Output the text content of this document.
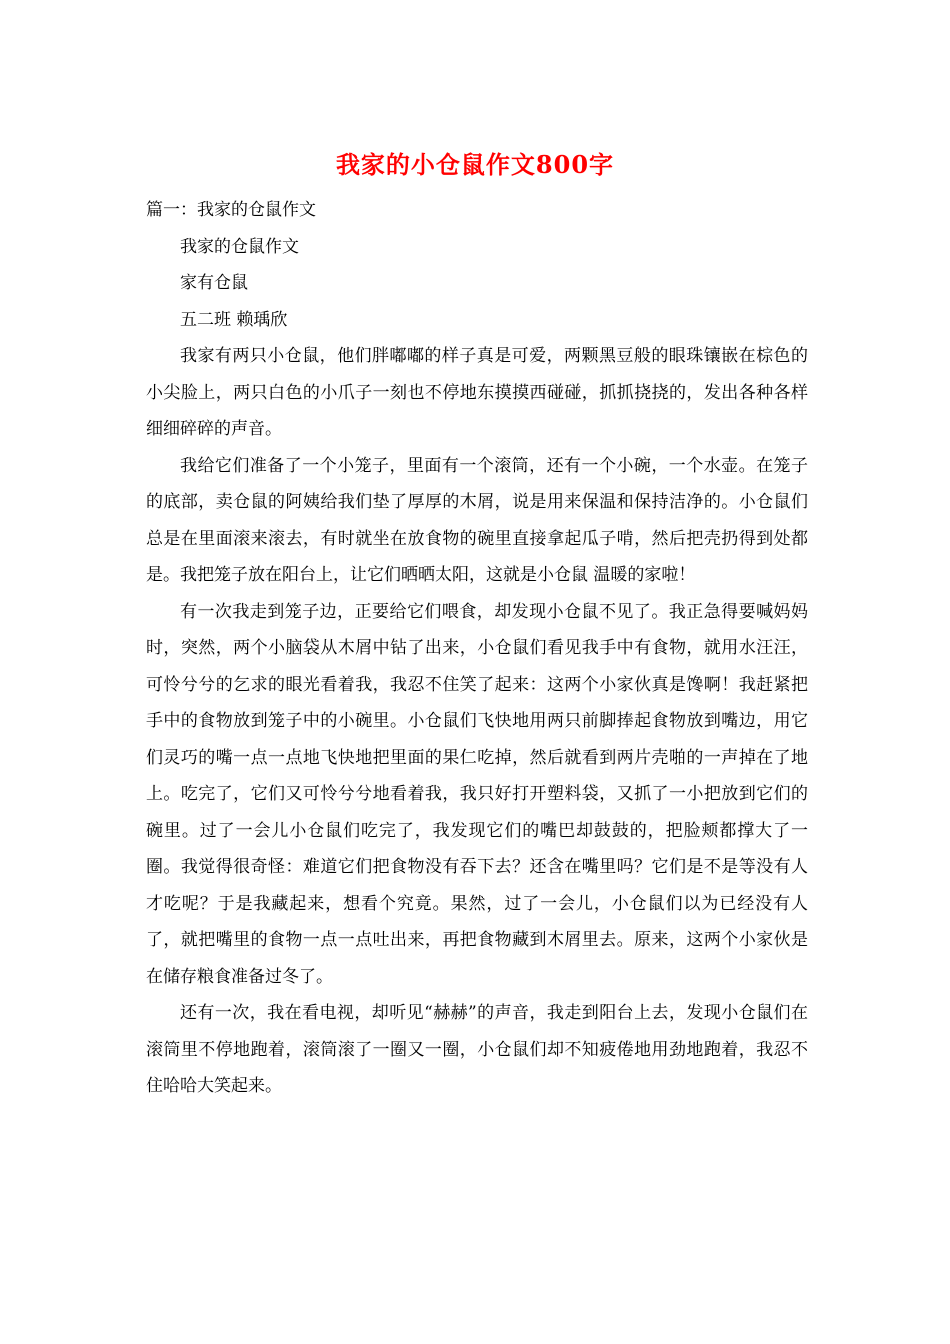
我家的小仓鼠作文800字

篇一：我家的仓鼠作文

我家的仓鼠作文

家有仓鼠

五二班 赖瑀欣

我家有两只小仓鼠，他们胖嘟嘟的样子真是可爱，两颗黑豆般的眼珠镶嵌在棕色的小尖脸上，两只白色的小爪子一刻也不停地东摸摸西碰碰，抓抓挠挠的，发出各种各样细细碎碎的声音。

我给它们准备了一个小笼子，里面有一个滚筒，还有一个小碗，一个水壶。在笼子的底部，卖仓鼠的阿姨给我们垫了厚厚的木屑，说是用来保温和保持洁净的。小仓鼠们总是在里面滚来滚去，有时就坐在放食物的碗里直接拿起瓜子啃，然后把壳扔得到处都是。我把笼子放在阳台上，让它们晒晒太阳，这就是小仓鼠 温暖的家啦！

有一次我走到笼子边，正要给它们喂食，却发现小仓鼠不见了。我正急得要喊妈妈时，突然，两个小脑袋从木屑中钻了出来，小仓鼠们看见我手中有食物，就用水汪汪，可怜兮兮的乞求的眼光看着我，我忍不住笑了起来：这两个小家伙真是馋啊！我赶紧把手中的食物放到笼子中的小碗里。小仓鼠们飞快地用两只前脚捧起食物放到嘴边，用它们灵巧的嘴一点一点地飞快地把里面的果仁吃掉，然后就看到两片壳啪的一声掉在了地上。吃完了，它们又可怜兮兮地看着我，我只好打开塑料袋，又抓了一小把放到它们的碗里。过了一会儿小仓鼠们吃完了，我发现它们的嘴巴却鼓鼓的，把脸颊都撑大了一圈。我觉得很奇怪：难道它们把食物没有吞下去？还含在嘴里吗？它们是不是等没有人才吃呢？于是我藏起来，想看个究竟。果然，过了一会儿，小仓鼠们以为已经没有人了，就把嘴里的食物一点一点吐出来，再把食物藏到木屑里去。原来，这两个小家伙是在储存粮食准备过冬了。

还有一次，我在看电视，却听见“赫赫”的声音，我走到阳台上去，发现小仓鼠们在滚筒里不停地跑着，滚筒滚了一圈又一圈，小仓鼠们却不知疲倦地用劲地跑着，我忍不住哈哈大笑起来。
